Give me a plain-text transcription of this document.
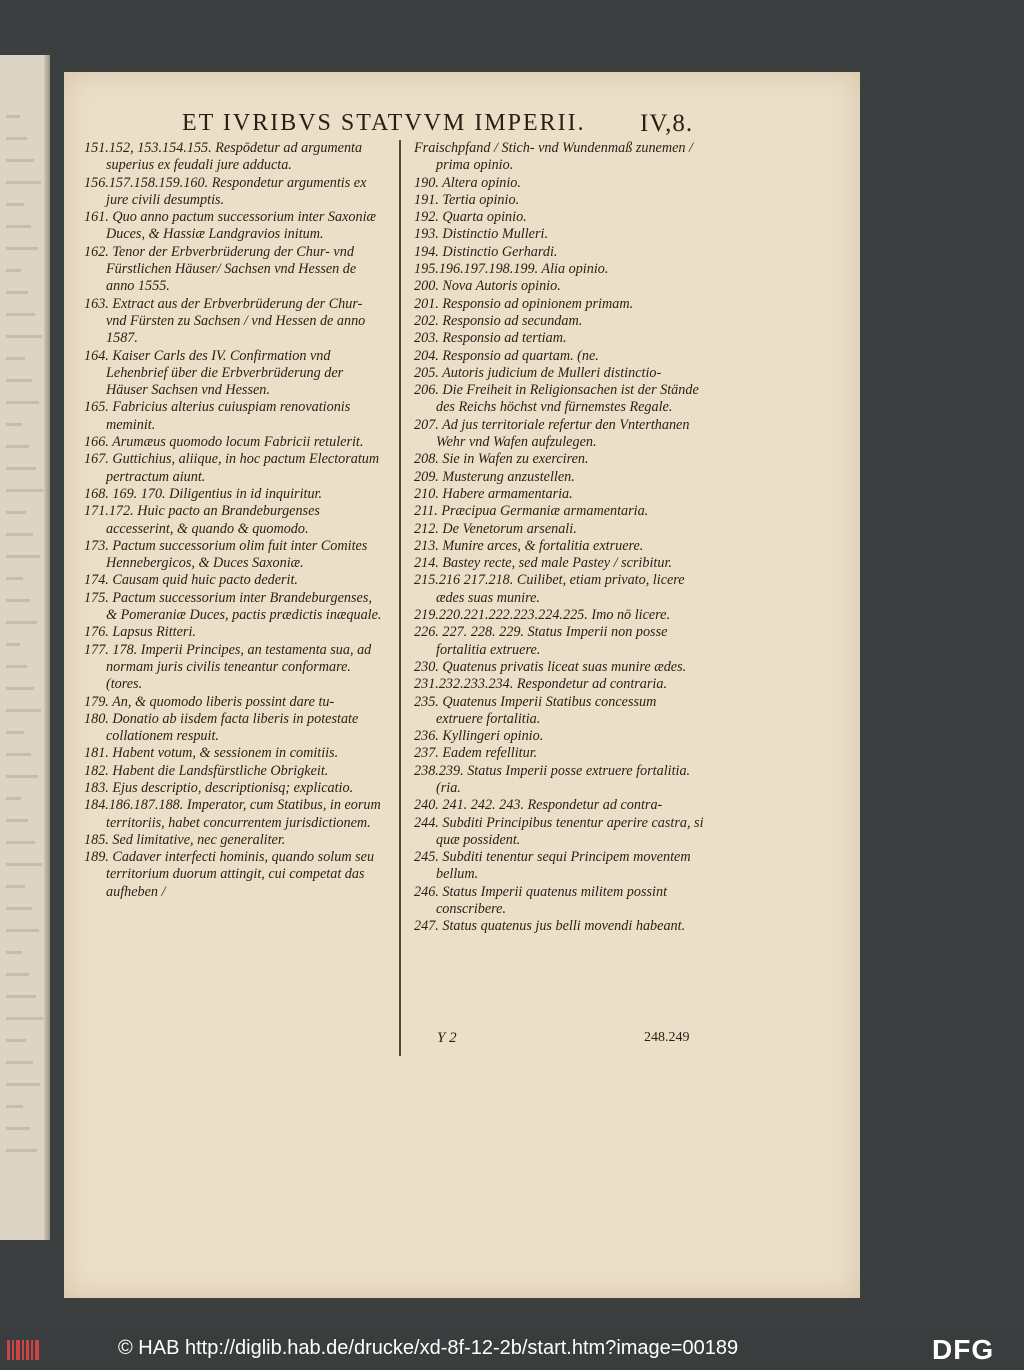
ET IVRIBVS STATVVM IMPERII. IV,8.

151.152, 153.154.155. Respōdetur ad argumenta superius ex feudali jure adducta.

156.157.158.159.160. Respondetur argumentis ex jure civili desumptis.

161. Quo anno pactum successorium inter Saxoniæ Duces, & Hassiæ Landgravios initum.

162. Tenor der Erbverbrüderung der Chur- vnd Fürstlichen Häuser/ Sachsen vnd Hessen de anno 1555.

163. Extract aus der Erbverbrüderung der Chur- vnd Fürsten zu Sachsen / vnd Hessen de anno 1587.

164. Kaiser Carls des IV. Confirmation vnd Lehenbrief über die Erbverbrüderung der Häuser Sachsen vnd Hessen.

165. Fabricius alterius cuiuspiam renovationis meminit.

166. Arumæus quomodo locum Fabricii retulerit.

167. Guttichius, aliique, in hoc pactum Electoratum pertractum aiunt.

168. 169. 170. Diligentius in id inquiritur.

171.172. Huic pacto an Brandeburgenses accesserint, & quando & quomodo.

173. Pactum successorium olim fuit inter Comites Hennebergicos, & Duces Saxoniæ.

174. Causam quid huic pacto dederit.

175. Pactum successorium inter Brandeburgenses, & Pomeraniæ Duces, pactis prædictis inæquale.

176. Lapsus Ritteri.

177. 178. Imperii Principes, an testamenta sua, ad normam juris civilis teneantur conformare. (tores.

179. An, & quomodo liberis possint dare tu-

180. Donatio ab iisdem facta liberis in potestate collationem respuit.

181. Habent votum, & sessionem in comitiis.

182. Habent die Landsfürstliche Obrigkeit.

183. Ejus descriptio, descriptionisq; explicatio.

184.186.187.188. Imperator, cum Statibus, in eorum territoriis, habet concurrentem jurisdictionem.

185. Sed limitative, nec generaliter.

189. Cadaver interfecti hominis, quando solum seu territorium duorum attingit, cui competat das aufheben /

Fraischpfand / Stich- vnd Wundenmaß zunemen / prima opinio.

190. Altera opinio.

191. Tertia opinio.

192. Quarta opinio.

193. Distinctio Mulleri.

194. Distinctio Gerhardi.

195.196.197.198.199. Alia opinio.

200. Nova Autoris opinio.

201. Responsio ad opinionem primam.

202. Responsio ad secundam.

203. Responsio ad tertiam.

204. Responsio ad quartam. (ne.

205. Autoris judicium de Mulleri distinctio-

206. Die Freiheit in Religionsachen ist der Stände des Reichs höchst vnd fürnemstes Regale.

207. Ad jus territoriale refertur den Vnterthanen Wehr vnd Wafen aufzulegen.

208. Sie in Wafen zu exerciren.

209. Musterung anzustellen.

210. Habere armamentaria.

211. Præcipua Germaniæ armamentaria.

212. De Venetorum arsenali.

213. Munire arces, & fortalitia extruere.

214. Bastey recte, sed male Pastey / scribitur.

215.216 217.218. Cuilibet, etiam privato, licere ædes suas munire.

219.220.221.222.223.224.225. Imo nō licere.

226. 227. 228. 229. Status Imperii non posse fortalitia extruere.

230. Quatenus privatis liceat suas munire ædes.

231.232.233.234. Respondetur ad contraria.

235. Quatenus Imperii Statibus concessum extruere fortalitia.

236. Kyllingeri opinio.

237. Eadem refellitur.

238.239. Status Imperii posse extruere fortalitia. (ria.

240. 241. 242. 243. Respondetur ad contra-

244. Subditi Principibus tenentur aperire castra, si quæ possident.

245. Subditi tenentur sequi Principem moventem bellum.

246. Status Imperii quatenus militem possint conscribere.

247. Status quatenus jus belli movendi habeant.

Y 2	248.249
© HAB http://diglib.hab.de/drucke/xd-8f-12-2b/start.htm?image=00189	DFG
